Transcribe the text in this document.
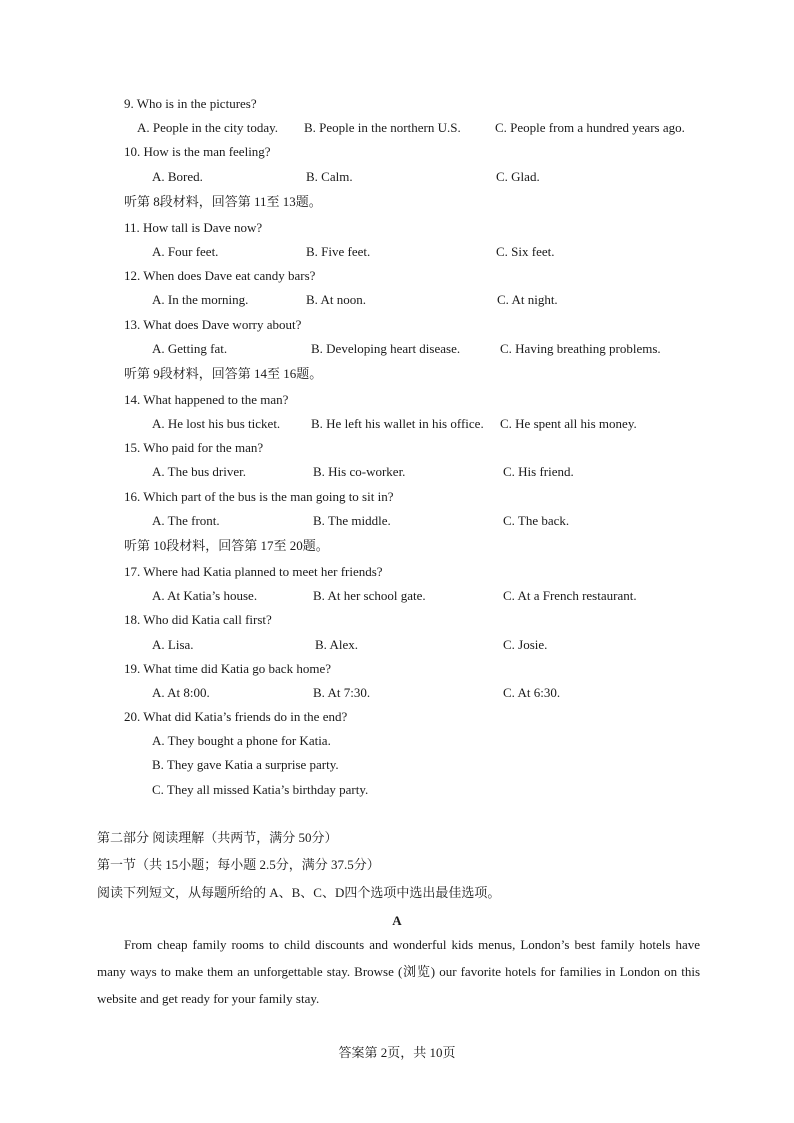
9. Who is in the pictures?
A. People in the city today. B. People in the northern U.S.	C. People from a hundred years ago.
10. How is the man feeling?
A. Bored.	B. Calm.	C. Glad.
听第 8段材料，回答第 11至 13题。
11. How tall is Dave now?
A. Four feet.	B. Five feet.	C. Six feet.
12. When does Dave eat candy bars?
A. In the morning.	B. At noon.	C. At night.
13. What does Dave worry about?
A. Getting fat.	B. Developing heart disease.	C. Having breathing problems.
听第 9段材料，回答第 14至 16题。
14. What happened to the man?
A. He lost his bus ticket. B. He left his wallet in his office. C. He spent all his money.
15. Who paid for the man?
A. The bus driver.	B. His co-worker.	C. His friend.
16. Which part of the bus is the man going to sit in?
A. The front.	B. The middle.	C. The back.
听第 10段材料，回答第 17至 20题。
17. Where had Katia planned to meet her friends?
A. At Katia’s house.	B. At her school gate.	C. At a French restaurant.
18. Who did Katia call first?
A. Lisa.	B. Alex.	C. Josie.
19. What time did Katia go back home?
A. At 8:00.	B. At 7:30.	C. At 6:30.
20. What did Katia’s friends do in the end?
A. They bought a phone for Katia.
B. They gave Katia a surprise party.
C. They all missed Katia’s birthday party.
第二部分 阅读理解（共两节，满分 50分）
第一节（共 15小题；每小题 2.5分，满分 37.5分）
阅读下列短文，从每题所给的 A、B、C、D四个选项中选出最佳选项。
A
From cheap family rooms to child discounts and wonderful kids menus, London’s best family hotels have many ways to make them an unforgettable stay. Browse (浏览) our favorite hotels for families in London on this website and get ready for your family stay.
答案第 2页，共 10页
